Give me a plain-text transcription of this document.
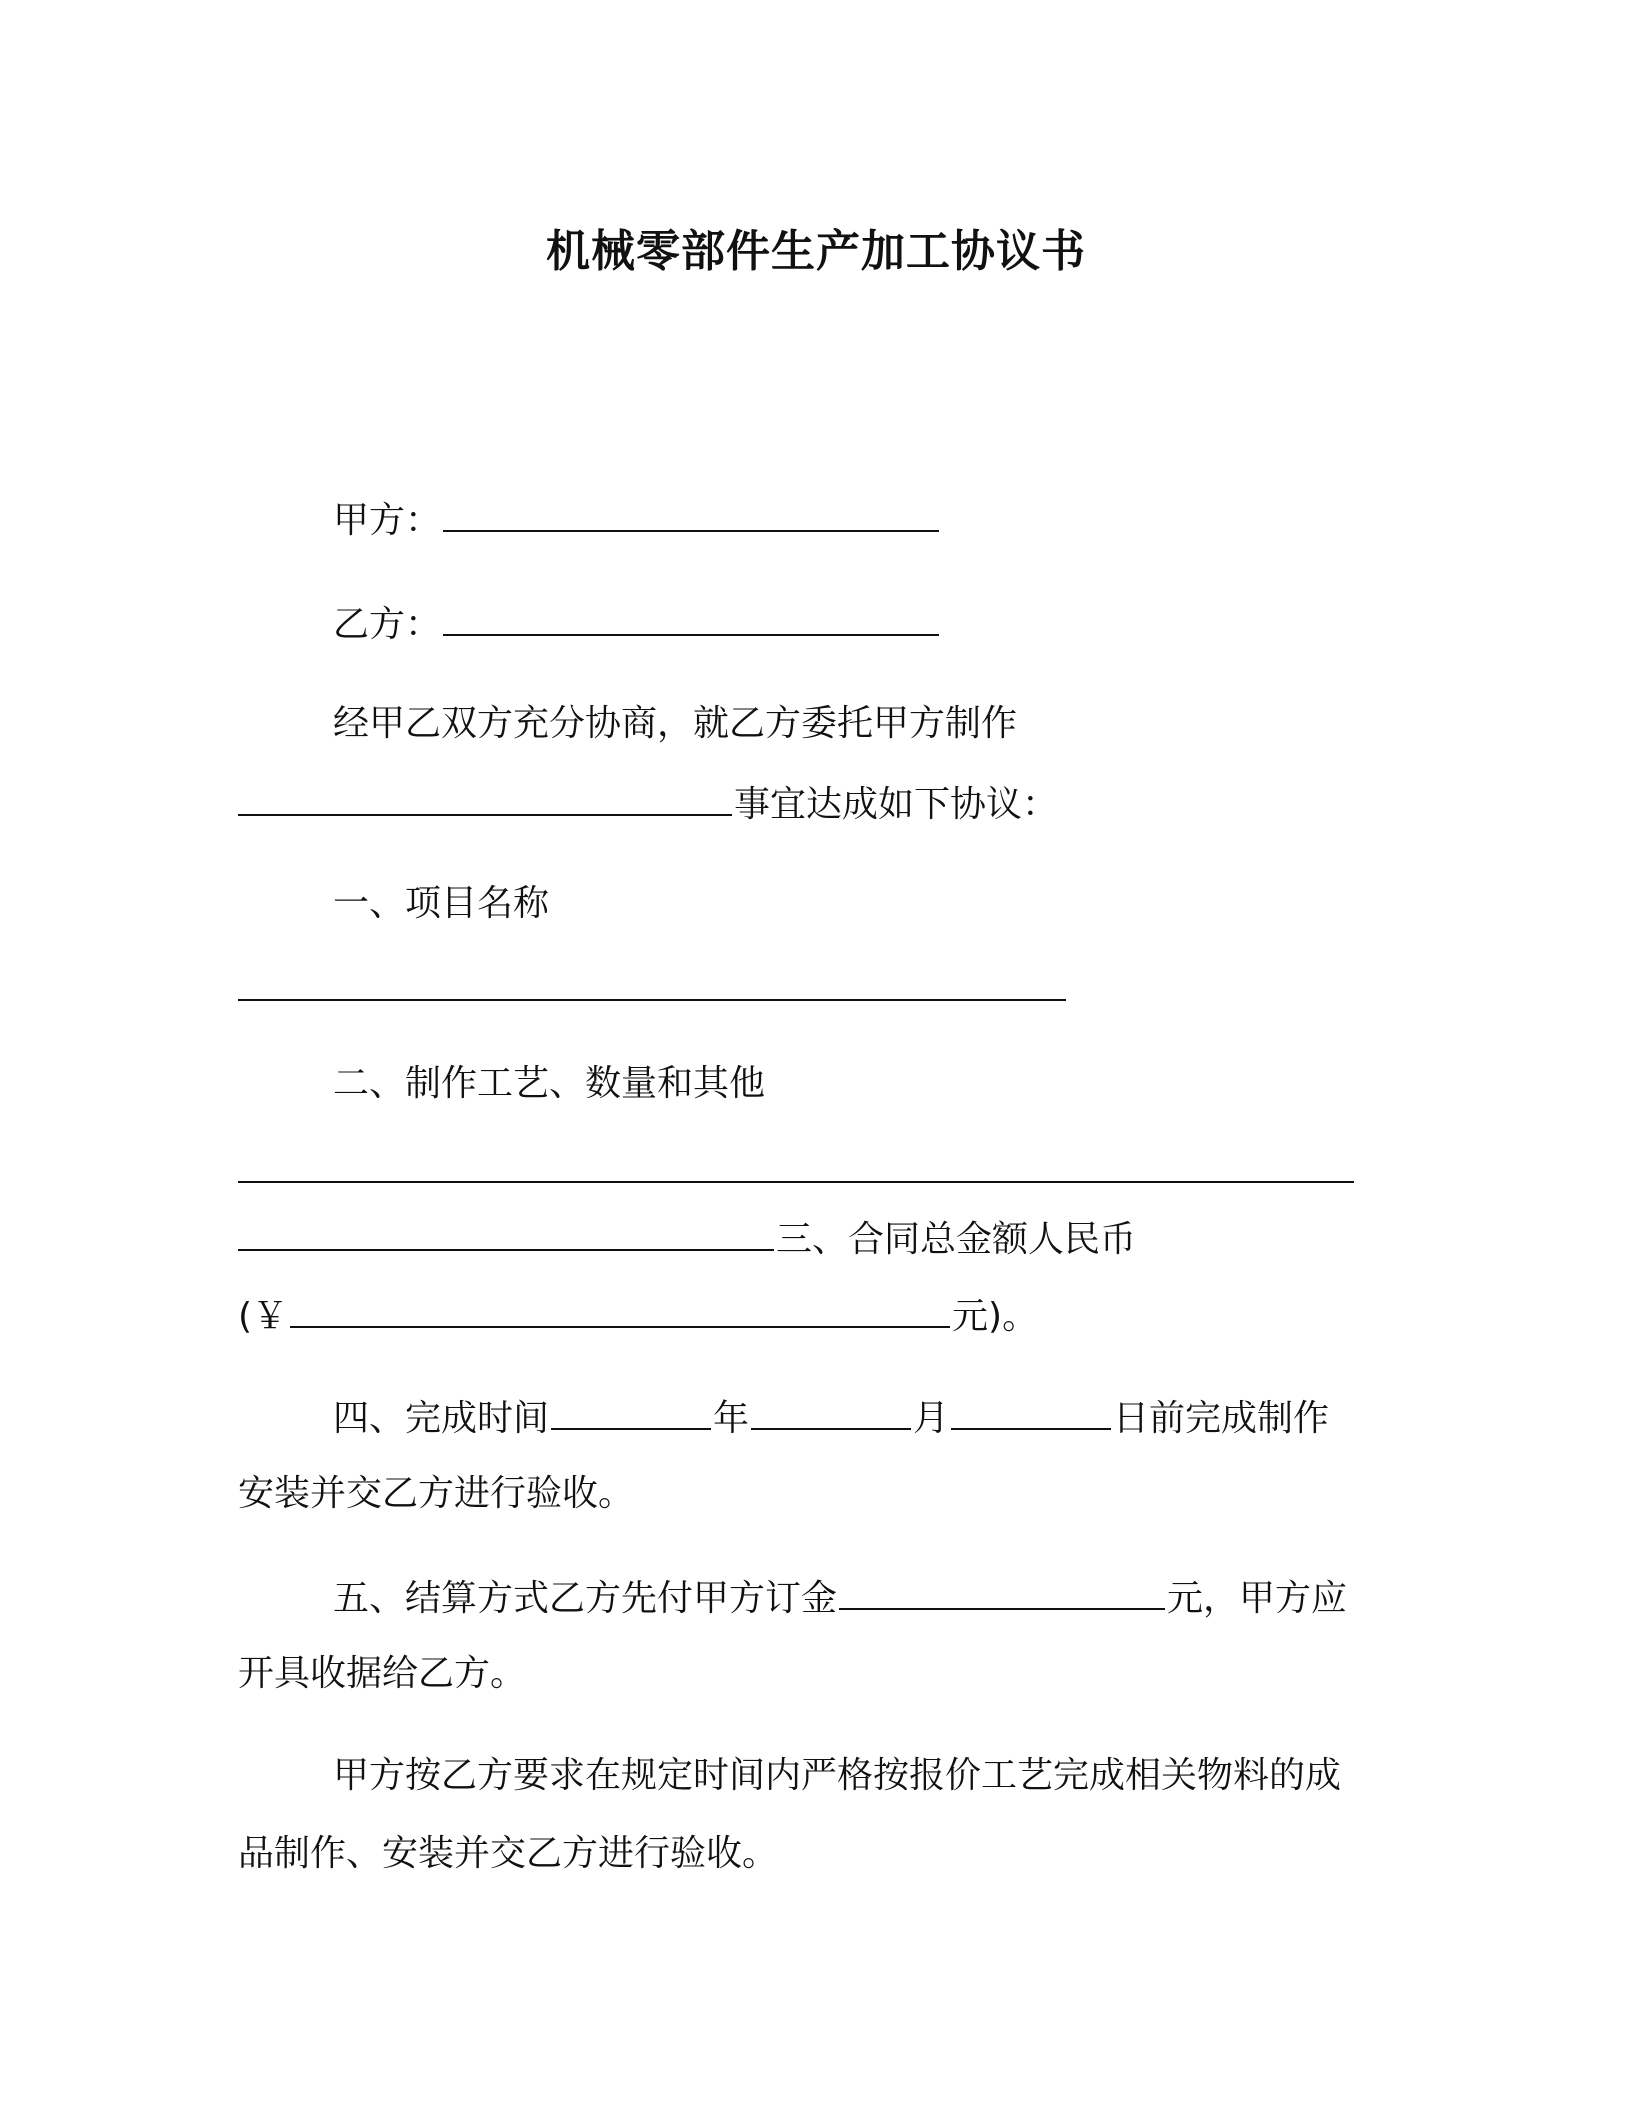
机械零部件生产加工协议书
甲方：
乙方：
经甲乙双方充分协商，就乙方委托甲方制作
事宜达成如下协议：
一、项目名称
二、制作工艺、数量和其他
三、合同总金额人民币
(￥	元)。
四、完成时间	年	月	日前完成制作
安装并交乙方进行验收。
五、结算方式乙方先付甲方订金	元，甲方应
开具收据给乙方。
甲方按乙方要求在规定时间内严格按报价工艺完成相关物料的成
品制作、安装并交乙方进行验收。
